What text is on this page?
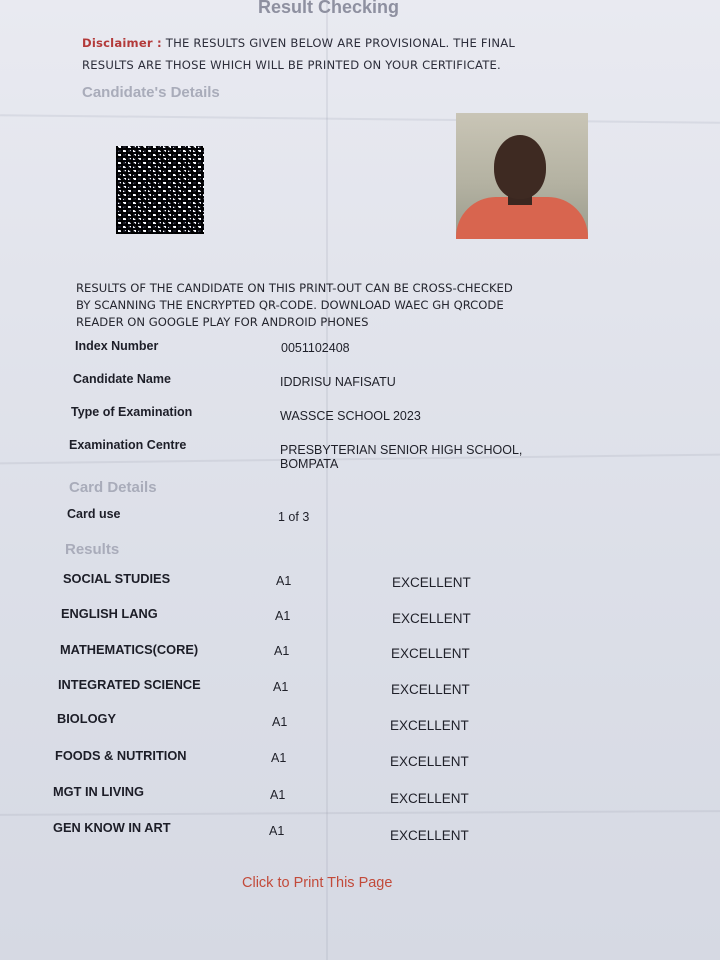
Result Checking
Disclaimer : THE RESULTS GIVEN BELOW ARE PROVISIONAL. THE FINAL
RESULTS ARE THOSE WHICH WILL BE PRINTED ON YOUR CERTIFICATE.
Candidate's Details
RESULTS OF THE CANDIDATE ON THIS PRINT-OUT CAN BE CROSS-CHECKED
BY SCANNING THE ENCRYPTED QR-CODE. DOWNLOAD WAEC GH QRCODE
READER ON GOOGLE PLAY FOR ANDROID PHONES
Index Number	0051102408
Candidate Name	IDDRISU NAFISATU
Type of Examination	WASSCE SCHOOL 2023
Examination Centre	PRESBYTERIAN SENIOR HIGH SCHOOL,
BOMPATA
Card Details
Card use	1 of 3
Results
SOCIAL STUDIES	A1	EXCELLENT
ENGLISH LANG	A1	EXCELLENT
MATHEMATICS(CORE)	A1	EXCELLENT
INTEGRATED SCIENCE	A1	EXCELLENT
BIOLOGY	A1	EXCELLENT
FOODS & NUTRITION	A1	EXCELLENT
MGT IN LIVING	A1	EXCELLENT
GEN KNOW IN ART	A1	EXCELLENT
Click to Print This Page
